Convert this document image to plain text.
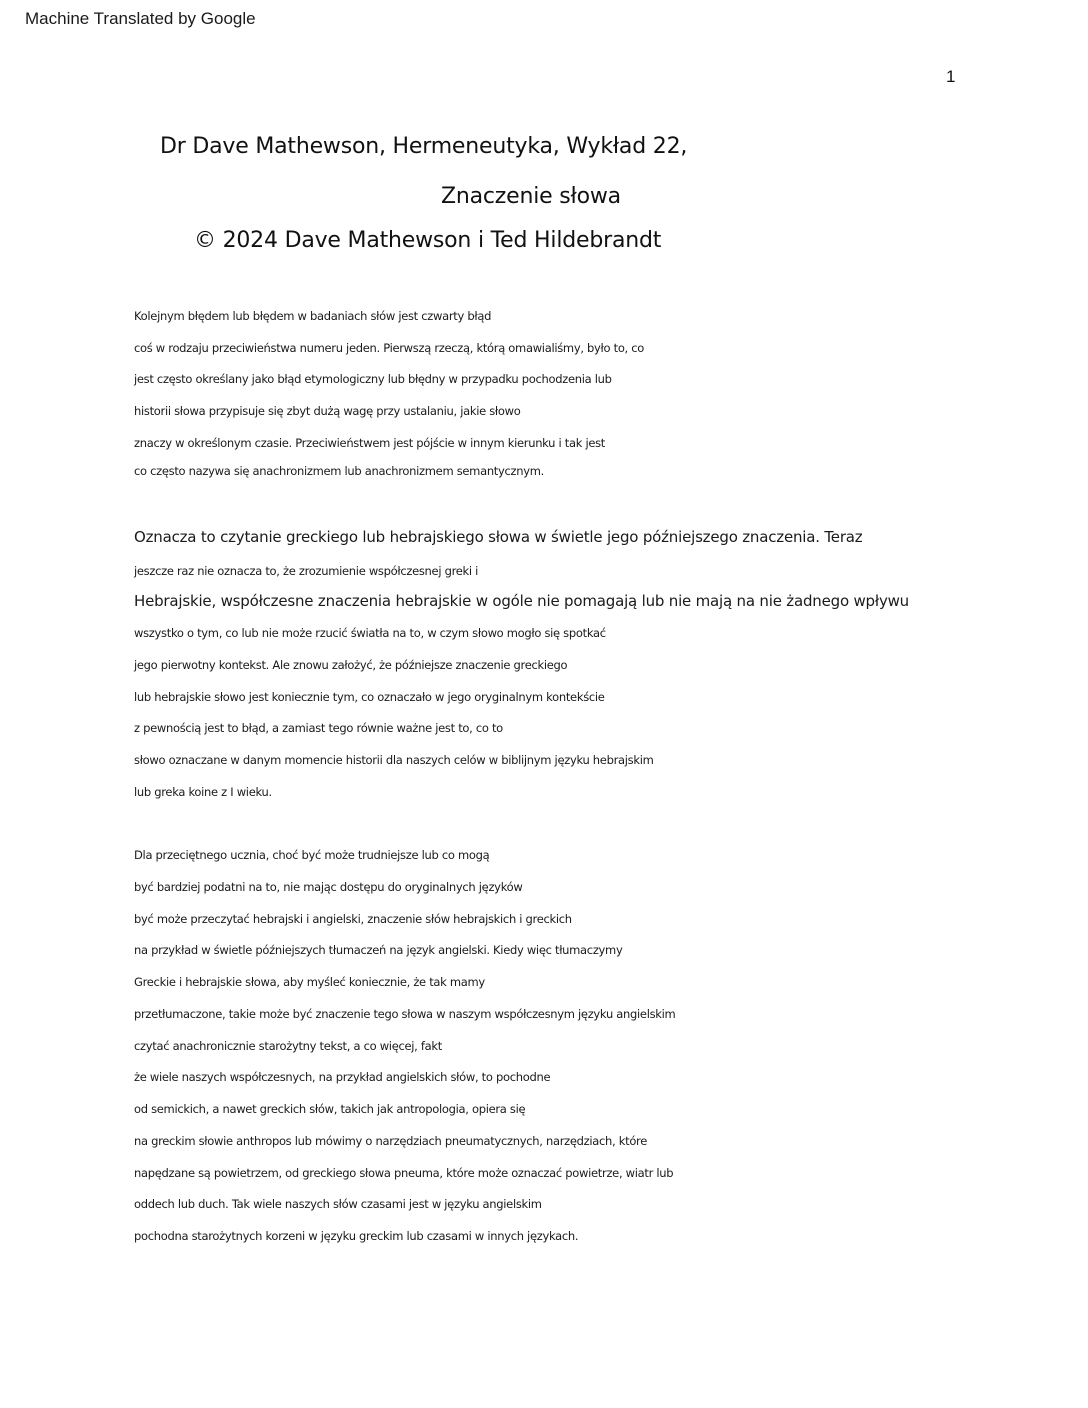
Machine Translated by Google
1
Dr Dave Mathewson, Hermeneutyka, Wykład 22,
Znaczenie słowa
© 2024 Dave Mathewson i Ted Hildebrandt
Kolejnym błędem lub błędem w badaniach słów jest czwarty błąd
coś w rodzaju przeciwieństwa numeru jeden. Pierwszą rzeczą, którą omawialiśmy, było to, co
jest często określany jako błąd etymologiczny lub błędny w przypadku pochodzenia lub
historii słowa przypisuje się zbyt dużą wagę przy ustalaniu, jakie słowo
znaczy w określonym czasie. Przeciwieństwem jest pójście w innym kierunku i tak jest
co często nazywa się anachronizmem lub anachronizmem semantycznym.
Oznacza to czytanie greckiego lub hebrajskiego słowa w świetle jego późniejszego znaczenia. Teraz
jeszcze raz nie oznacza to, że zrozumienie współczesnej greki i
Hebrajskie, współczesne znaczenia hebrajskie w ogóle nie pomagają lub nie mają na nie żadnego wpływu
wszystko o tym, co lub nie może rzucić światła na to, w czym słowo mogło się spotkać
jego pierwotny kontekst. Ale znowu założyć, że późniejsze znaczenie greckiego
lub hebrajskie słowo jest koniecznie tym, co oznaczało w jego oryginalnym kontekście
z pewnością jest to błąd, a zamiast tego równie ważne jest to, co to
słowo oznaczane w danym momencie historii dla naszych celów w biblijnym języku hebrajskim
lub greka koine z I wieku.
Dla przeciętnego ucznia, choć być może trudniejsze lub co mogą
być bardziej podatni na to, nie mając dostępu do oryginalnych języków
być może przeczytać hebrajski i angielski, znaczenie słów hebrajskich i greckich
na przykład w świetle późniejszych tłumaczeń na język angielski. Kiedy więc tłumaczymy
Greckie i hebrajskie słowa, aby myśleć koniecznie, że tak mamy
przetłumaczone, takie może być znaczenie tego słowa w naszym współczesnym języku angielskim
czytać anachronicznie starożytny tekst, a co więcej, fakt
że wiele naszych współczesnych, na przykład angielskich słów, to pochodne
od semickich, a nawet greckich słów, takich jak antropologia, opiera się
na greckim słowie anthropos lub mówimy o narzędziach pneumatycznych, narzędziach, które
napędzane są powietrzem, od greckiego słowa pneuma, które może oznaczać powietrze, wiatr lub
oddech lub duch. Tak wiele naszych słów czasami jest w języku angielskim
pochodna starożytnych korzeni w języku greckim lub czasami w innych językach.
